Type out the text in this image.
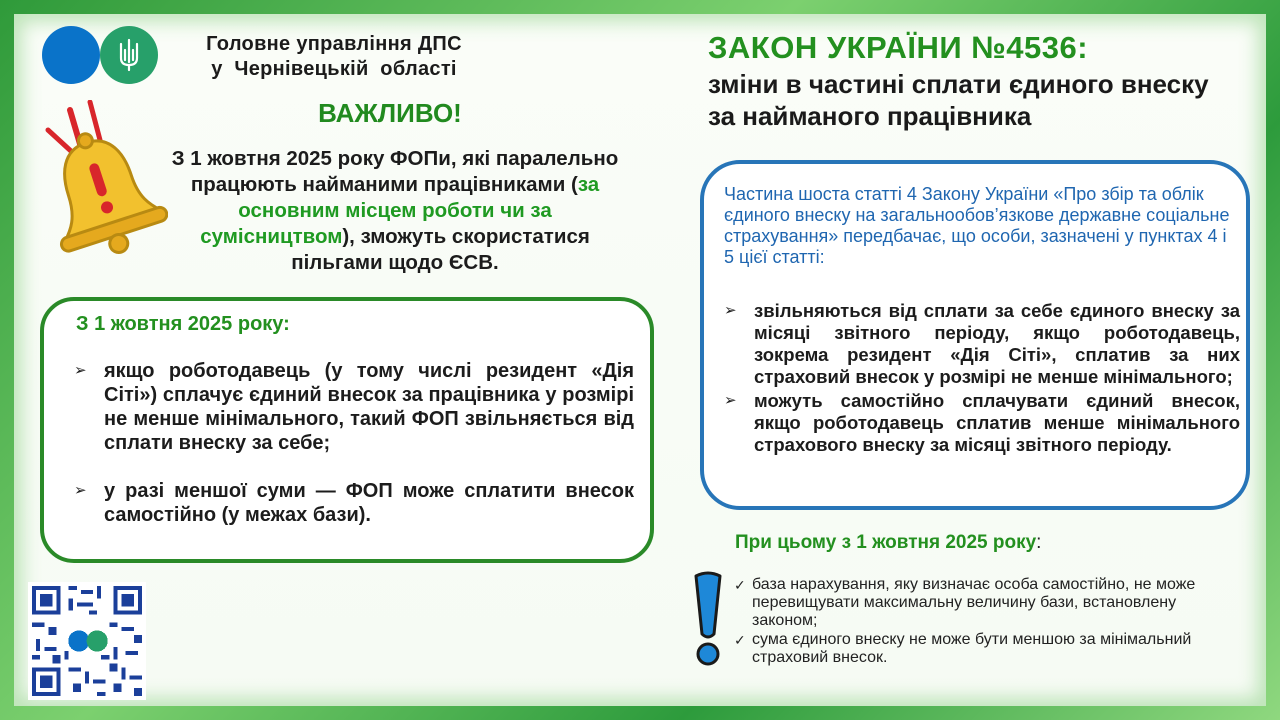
Головне управління ДПС
у  Чернівецькій  області
ВАЖЛИВО!
З 1 жовтня 2025 року ФОПи, які паралельно працюють найманими працівниками (за основним місцем роботи чи за сумісництвом), зможуть скористатися пільгами щодо ЄСВ.
З 1 жовтня 2025 року:
➢ якщо роботодавець (у тому числі резидент «Дія Сіті») сплачує єдиний внесок за працівника у розмірі не менше мінімального, такий ФОП звільняється від сплати внеску за себе;
➢ у разі меншої суми — ФОП може сплатити внесок самостійно (у межах бази).
ЗАКОН УКРАЇНИ №4536:
зміни в частині сплати єдиного внеску за найманого працівника
Частина шоста статті 4 Закону України «Про збір та облік єдиного внеску на загальнообов’язкове державне соціальне страхування» передбачає, що особи, зазначені у пунктах 4 і 5 цієї статті:
➢ звільняються від сплати за себе єдиного внеску за місяці звітного періоду, якщо роботодавець, зокрема резидент «Дія Сіті», сплатив за них страховий внесок у розмірі не менше мінімального;
➢ можуть самостійно сплачувати єдиний внесок, якщо роботодавець сплатив менше мінімального страхового внеску за місяці звітного періоду.
При цьому з 1 жовтня 2025 року:
✓ база нарахування, яку визначає особа самостійно, не може перевищувати максимальну величину бази, встановлену законом;
✓ сума єдиного внеску не може бути меншою за мінімальний страховий внесок.
